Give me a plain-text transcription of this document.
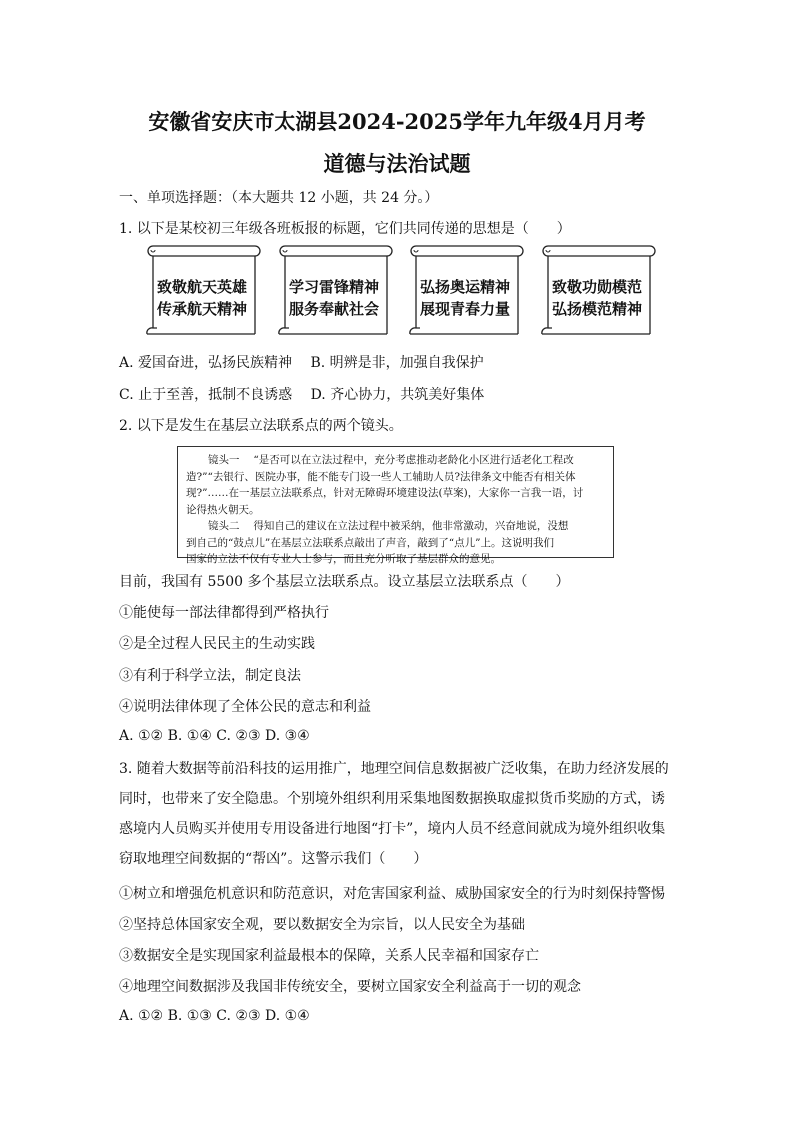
安徽省安庆市太湖县2024-2025学年九年级4月月考
道德与法治试题
一、单项选择题：（本大题共 12 小题，共 24 分。）
1. 以下是某校初三年级各班板报的标题，它们共同传递的思想是（　　）
致敬航天英雄
传承航天精神
学习雷锋精神
服务奉献社会
弘扬奥运精神
展现青春力量
致敬功勋模范
弘扬模范精神
A. 爱国奋进，弘扬民族精神　 B. 明辨是非，加强自我保护
C. 止于至善，抵制不良诱惑　 D. 齐心协力，共筑美好集体
2. 以下是发生在基层立法联系点的两个镜头。

镜头一　 “是否可以在立法过程中，充分考虑推动老龄化小区进行适老化工程改

造?”“去银行、医院办事，能不能专门设一些人工辅助人员?法律条文中能否有相关体

现?”……在一基层立法联系点，针对无障碍环境建设法(草案)，大家你一言我一语，讨

论得热火朝天。

镜头二　 得知自己的建议在立法过程中被采纳，他非常激动，兴奋地说，没想

到自己的“鼓点儿”在基层立法联系点敲出了声音，敲到了“点儿”上。这说明我们

国家的立法不仅有专业人士参与，而且充分听取了基层群众的意见。

目前，我国有 5500 多个基层立法联系点。设立基层立法联系点（　　）
①能使每一部法律都得到严格执行
②是全过程人民民主的生动实践
③有利于科学立法，制定良法
④说明法律体现了全体公民的意志和利益
A. ①② B. ①④ C. ②③ D. ③④
3. 随着大数据等前沿科技的运用推广，地理空间信息数据被广泛收集，在助力经济发展的同时，也带来了安全隐患。个别境外组织利用采集地图数据换取虚拟货币奖励的方式，诱惑境内人员购买并使用专用设备进行地图“打卡”，境内人员不经意间就成为境外组织收集窃取地理空间数据的“帮凶”。这警示我们（　　）
①树立和增强危机意识和防范意识，对危害国家利益、威胁国家安全的行为时刻保持警惕
②坚持总体国家安全观，要以数据安全为宗旨，以人民安全为基础
③数据安全是实现国家利益最根本的保障，关系人民幸福和国家存亡
④地理空间数据涉及我国非传统安全，要树立国家安全利益高于一切的观念
A. ①② B. ①③ C. ②③ D. ①④
